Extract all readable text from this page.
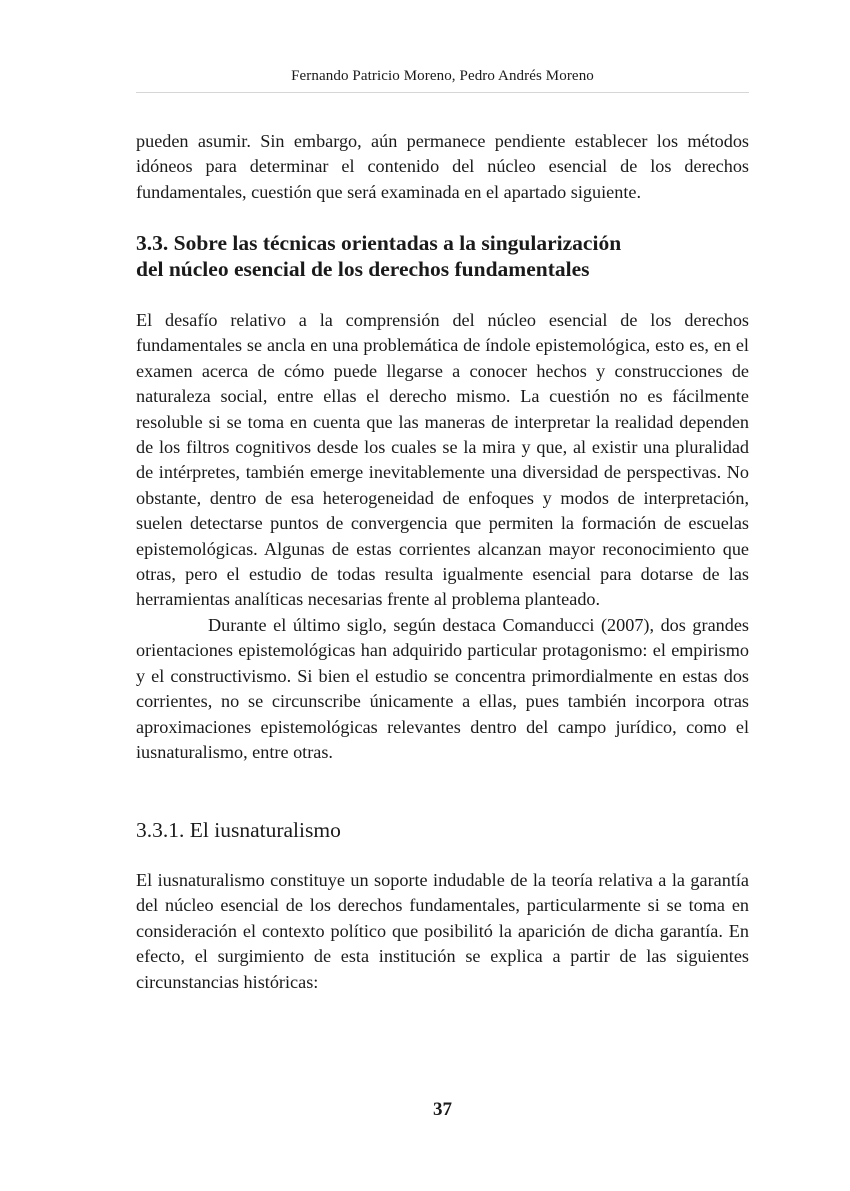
Fernando Patricio Moreno, Pedro Andrés Moreno

pueden asumir. Sin embargo, aún permanece pendiente establecer los métodos idóneos para determinar el contenido del núcleo esencial de los derechos fundamentales, cuestión que será examinada en el apartado siguiente.

3.3. Sobre las técnicas orientadas a la singularización
del núcleo esencial de los derechos fundamentales

El desafío relativo a la comprensión del núcleo esencial de los derechos fundamentales se ancla en una problemática de índole epistemológica, esto es, en el examen acerca de cómo puede llegarse a conocer hechos y construcciones de naturaleza social, entre ellas el derecho mismo. La cuestión no es fácilmente resoluble si se toma en cuenta que las maneras de interpretar la realidad dependen de los filtros cognitivos desde los cuales se la mira y que, al existir una pluralidad de intérpretes, también emerge inevitablemente una diversidad de perspectivas. No obstante, dentro de esa heterogeneidad de enfoques y modos de interpretación, suelen detectarse puntos de convergencia que permiten la formación de escuelas epistemológicas. Algunas de estas corrientes alcanzan mayor reconocimiento que otras, pero el estudio de todas resulta igualmente esencial para dotarse de las herramientas analíticas necesarias frente al problema planteado.

Durante el último siglo, según destaca Comanducci (2007), dos grandes orientaciones epistemológicas han adquirido particular protagonismo: el empirismo y el constructivismo. Si bien el estudio se concentra primordialmente en estas dos corrientes, no se circunscribe únicamente a ellas, pues también incorpora otras aproximaciones epistemológicas relevantes dentro del campo jurídico, como el iusnaturalismo, entre otras.

3.3.1. El iusnaturalismo

El iusnaturalismo constituye un soporte indudable de la teoría relativa a la garantía del núcleo esencial de los derechos fundamentales, particularmente si se toma en consideración el contexto político que posibilitó la aparición de dicha garantía. En efecto, el surgimiento de esta institución se explica a partir de las siguientes circunstancias históricas:

37
